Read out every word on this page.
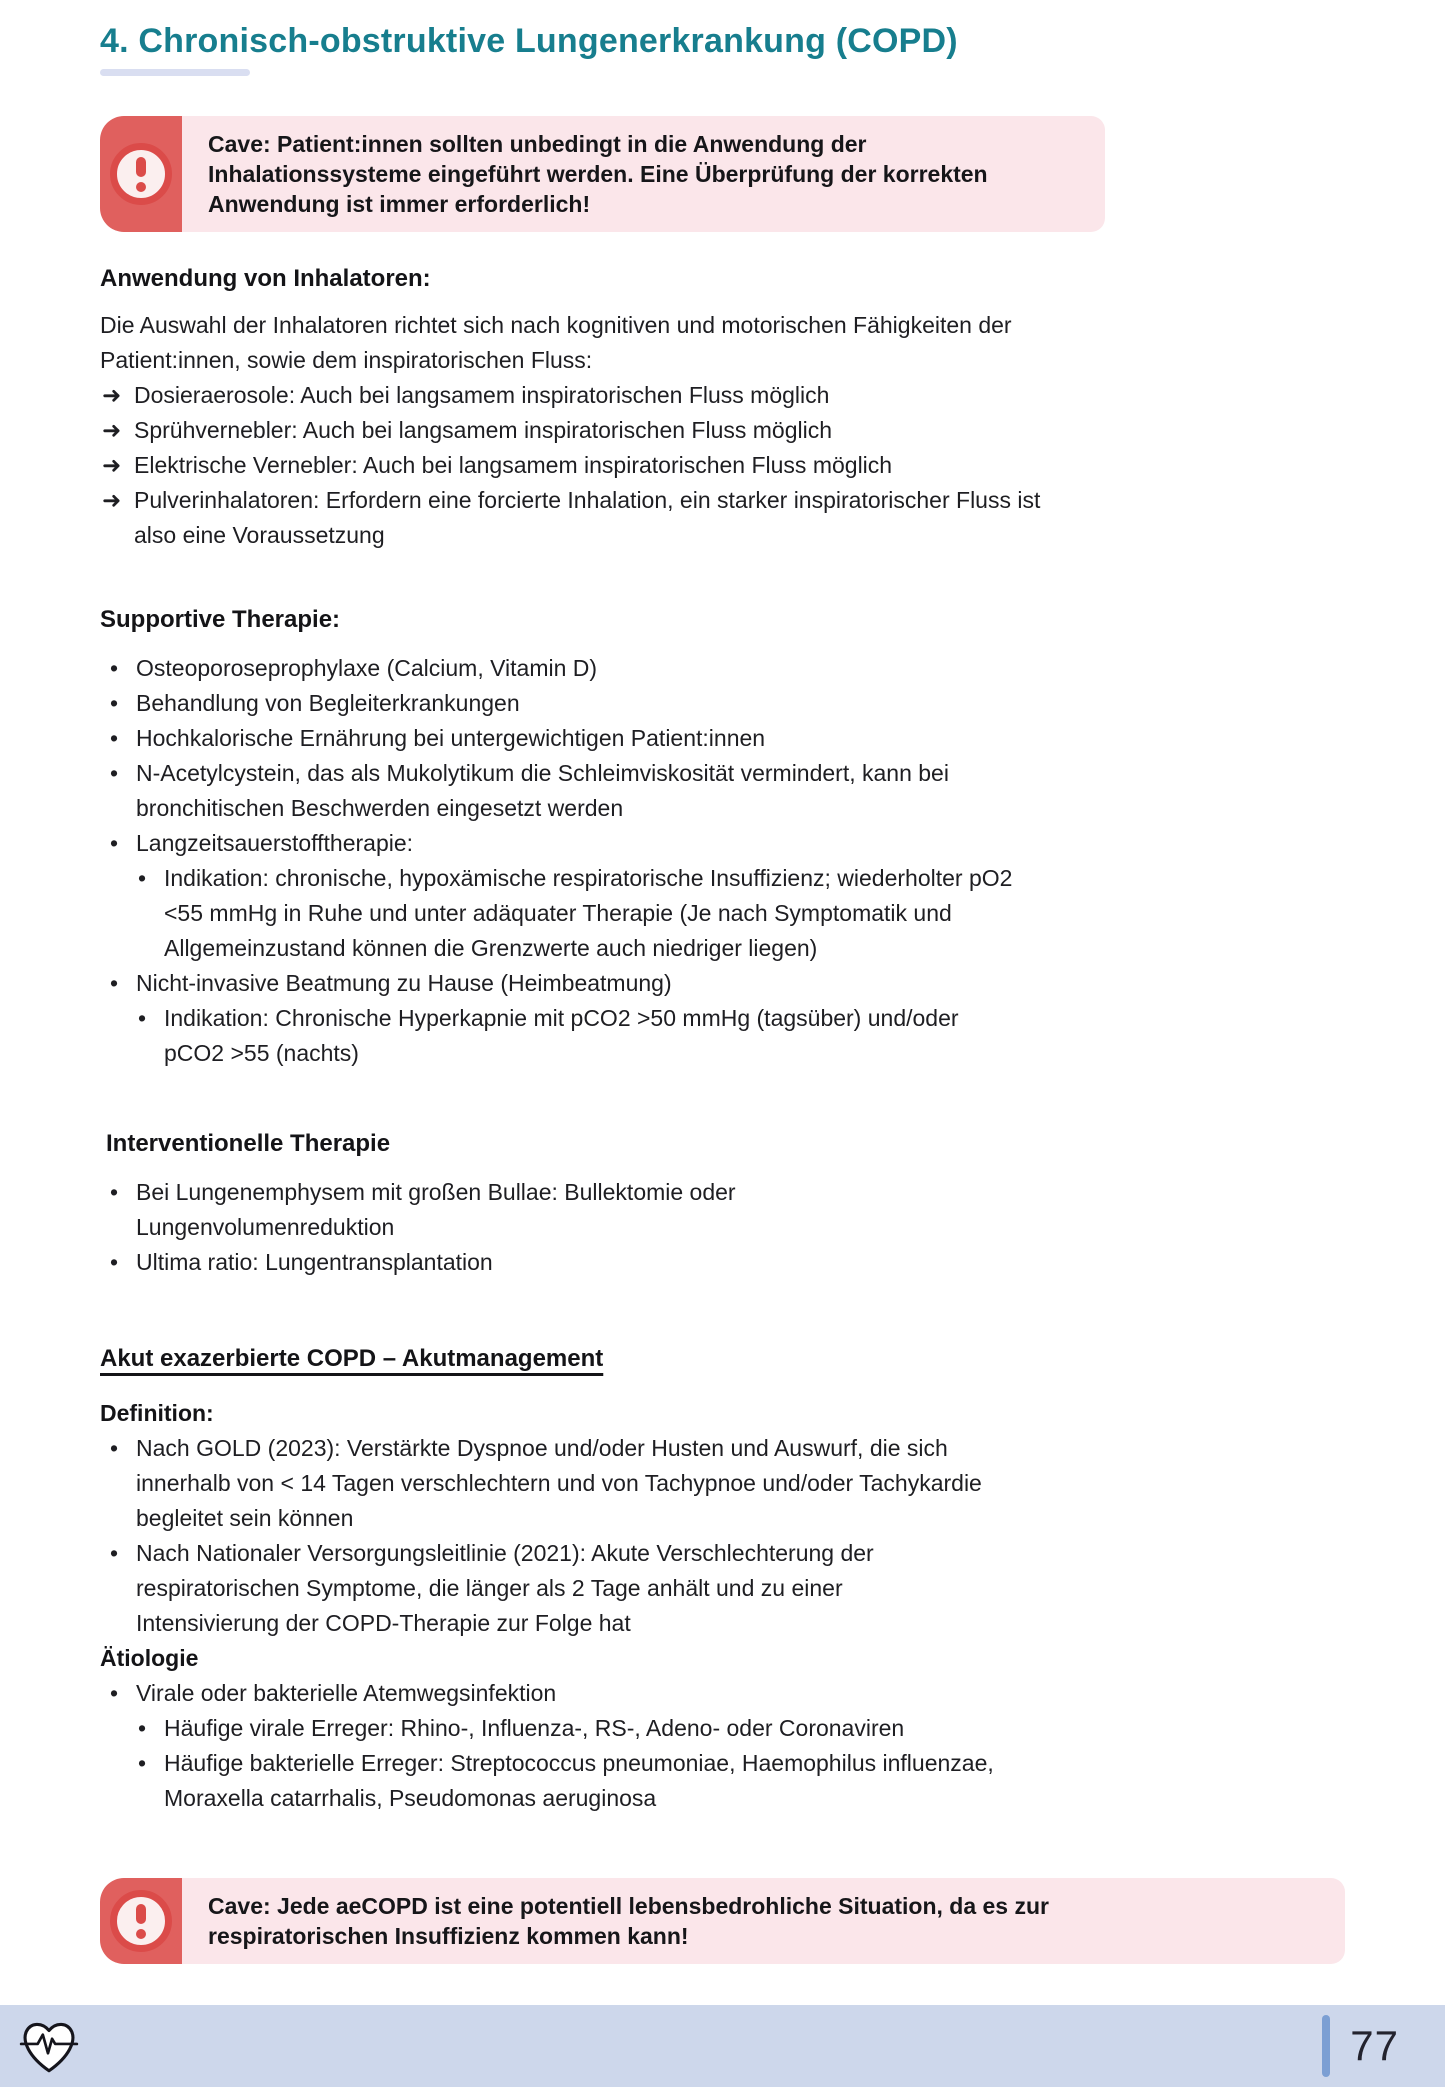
4. Chronisch-obstruktive Lungenerkrankung (COPD)

Cave: Patient:innen sollten unbedingt in die Anwendung der Inhalationssysteme eingeführt werden. Eine Überprüfung der korrekten Anwendung ist immer erforderlich!

Anwendung von Inhalatoren:

Die Auswahl der Inhalatoren richtet sich nach kognitiven und motorischen Fähigkeiten der Patient:innen, sowie dem inspiratorischen Fluss:

➜ Dosieraerosole: Auch bei langsamem inspiratorischen Fluss möglich
➜ Sprühvernebler: Auch bei langsamem inspiratorischen Fluss möglich
➜ Elektrische Vernebler: Auch bei langsamem inspiratorischen Fluss möglich
➜ Pulverinhalatoren: Erfordern eine forcierte Inhalation, ein starker inspiratorischer Fluss ist also eine Voraussetzung
Supportive Therapie:
• Osteoporoseprophylaxe (Calcium, Vitamin D)
• Behandlung von Begleiterkrankungen
• Hochkalorische Ernährung bei untergewichtigen Patient:innen
• N-Acetylcystein, das als Mukolytikum die Schleimviskosität vermindert, kann bei bronchitischen Beschwerden eingesetzt werden
• Langzeitsauerstofftherapie:
• Indikation: chronische, hypoxämische respiratorische Insuffizienz; wiederholter pO2 <55 mmHg in Ruhe und unter adäquater Therapie (Je nach Symptomatik und Allgemeinzustand können die Grenzwerte auch niedriger liegen)
• Nicht-invasive Beatmung zu Hause (Heimbeatmung)
• Indikation: Chronische Hyperkapnie mit pCO2 >50 mmHg (tagsüber) und/oder pCO2 >55 (nachts)
Interventionelle Therapie
• Bei Lungenemphysem mit großen Bullae: Bullektomie oder Lungenvolumenreduktion
• Ultima ratio: Lungentransplantation
Akut exazerbierte COPD – Akutmanagement
Definition:
• Nach GOLD (2023): Verstärkte Dyspnoe und/oder Husten und Auswurf, die sich innerhalb von < 14 Tagen verschlechtern und von Tachypnoe und/oder Tachykardie begleitet sein können
• Nach Nationaler Versorgungsleitlinie (2021): Akute Verschlechterung der respiratorischen Symptome, die länger als 2 Tage anhält und zu einer Intensivierung der COPD-Therapie zur Folge hat
Ätiologie
• Virale oder bakterielle Atemwegsinfektion
• Häufige virale Erreger: Rhino-, Influenza-, RS-, Adeno- oder Coronaviren
• Häufige bakterielle Erreger: Streptococcus pneumoniae, Haemophilus influenzae, Moraxella catarrhalis, Pseudomonas aeruginosa

Cave: Jede aeCOPD ist eine potentiell lebensbedrohliche Situation, da es zur respiratorischen Insuffizienz kommen kann!

77
